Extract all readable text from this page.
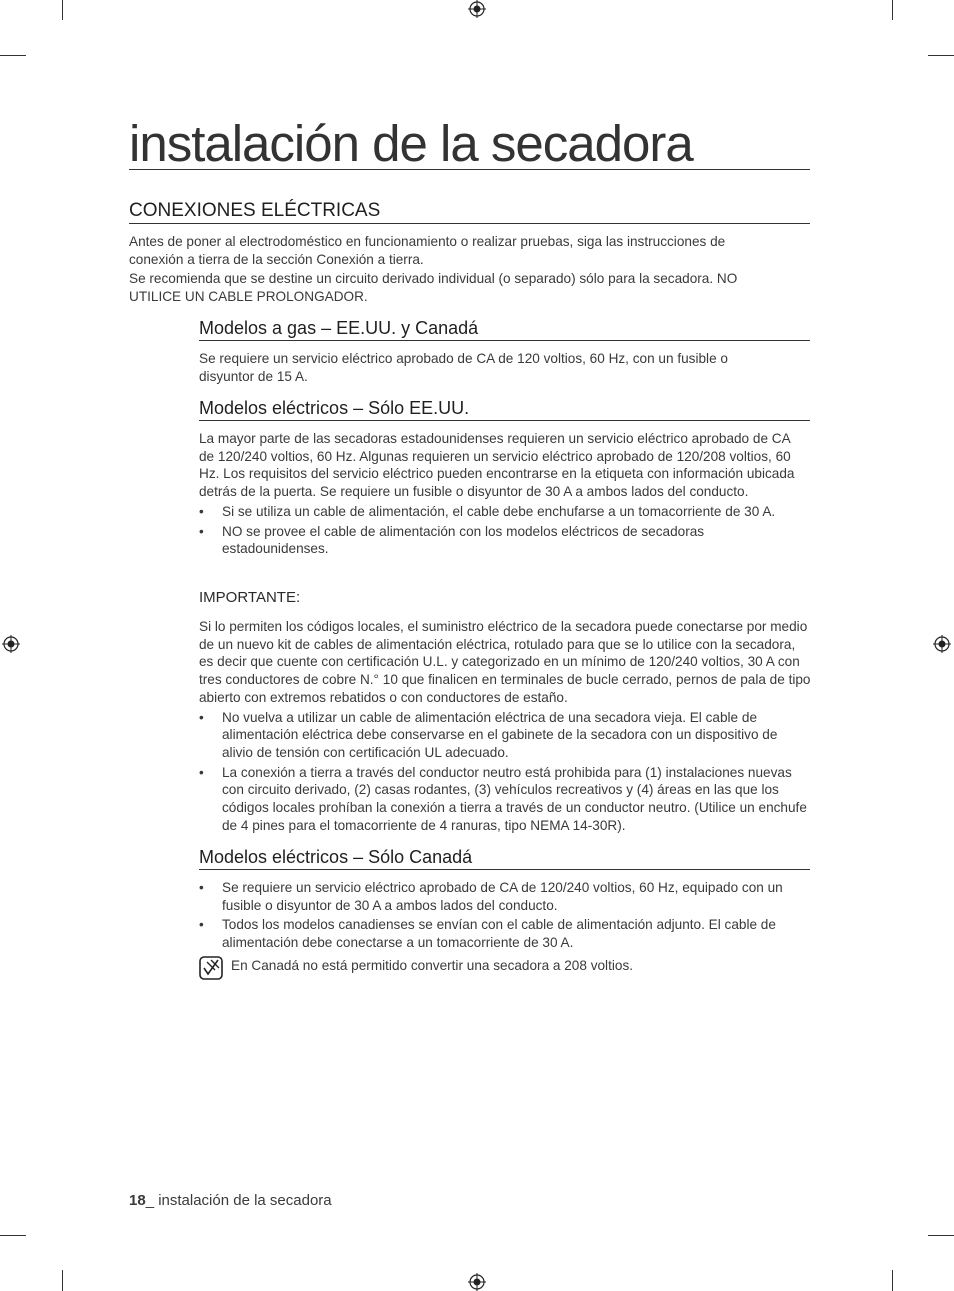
instalación de la secadora
CONEXIONES ELÉCTRICAS

Antes de poner al electrodoméstico en funcionamiento o realizar pruebas, siga las instrucciones de conexión a tierra de la sección Conexión a tierra.

Se recomienda que se destine un circuito derivado individual (o separado) sólo para la secadora. NO UTILICE UN CABLE PROLONGADOR.

Modelos a gas – EE.UU. y Canadá

Se requiere un servicio eléctrico aprobado de CA de 120 voltios, 60 Hz, con un fusible o disyuntor de 15 A.

Modelos eléctricos – Sólo EE.UU.

La mayor parte de las secadoras estadounidenses requieren un servicio eléctrico aprobado de CA de 120/240 voltios, 60 Hz. Algunas requieren un servicio eléctrico aprobado de 120/208 voltios, 60 Hz. Los requisitos del servicio eléctrico pueden encontrarse en la etiqueta con información ubicada detrás de la puerta. Se requiere un fusible o disyuntor de 30 A a ambos lados del conducto.

• Si se utiliza un cable de alimentación, el cable debe enchufarse a un tomacorriente de 30 A.
• NO se provee el cable de alimentación con los modelos eléctricos de secadoras estadounidenses.

IMPORTANTE:

Si lo permiten los códigos locales, el suministro eléctrico de la secadora puede conectarse por medio de un nuevo kit de cables de alimentación eléctrica, rotulado para que se lo utilice con la secadora, es decir que cuente con certificación U.L. y categorizado en un mínimo de 120/240 voltios, 30 A con tres conductores de cobre N.° 10 que finalicen en terminales de bucle cerrado, pernos de pala de tipo abierto con extremos rebatidos o con conductores de estaño.

• No vuelva a utilizar un cable de alimentación eléctrica de una secadora vieja. El cable de alimentación eléctrica debe conservarse en el gabinete de la secadora con un dispositivo de alivio de tensión con certificación UL adecuado.
• La conexión a tierra a través del conductor neutro está prohibida para (1) instalaciones nuevas con circuito derivado, (2) casas rodantes, (3) vehículos recreativos y (4) áreas en las que los códigos locales prohíban la conexión a tierra a través de un conductor neutro. (Utilice un enchufe de 4 pines para el tomacorriente de 4 ranuras, tipo NEMA 14-30R).
Modelos eléctricos – Sólo Canadá
• Se requiere un servicio eléctrico aprobado de CA de 120/240 voltios, 60 Hz, equipado con un fusible o disyuntor de 30 A a ambos lados del conducto.
• Todos los modelos canadienses se envían con el cable de alimentación adjunto. El cable de alimentación debe conectarse a un tomacorriente de 30 A.
En Canadá no está permitido convertir una secadora a 208 voltios.
18_ instalación de la secadora
